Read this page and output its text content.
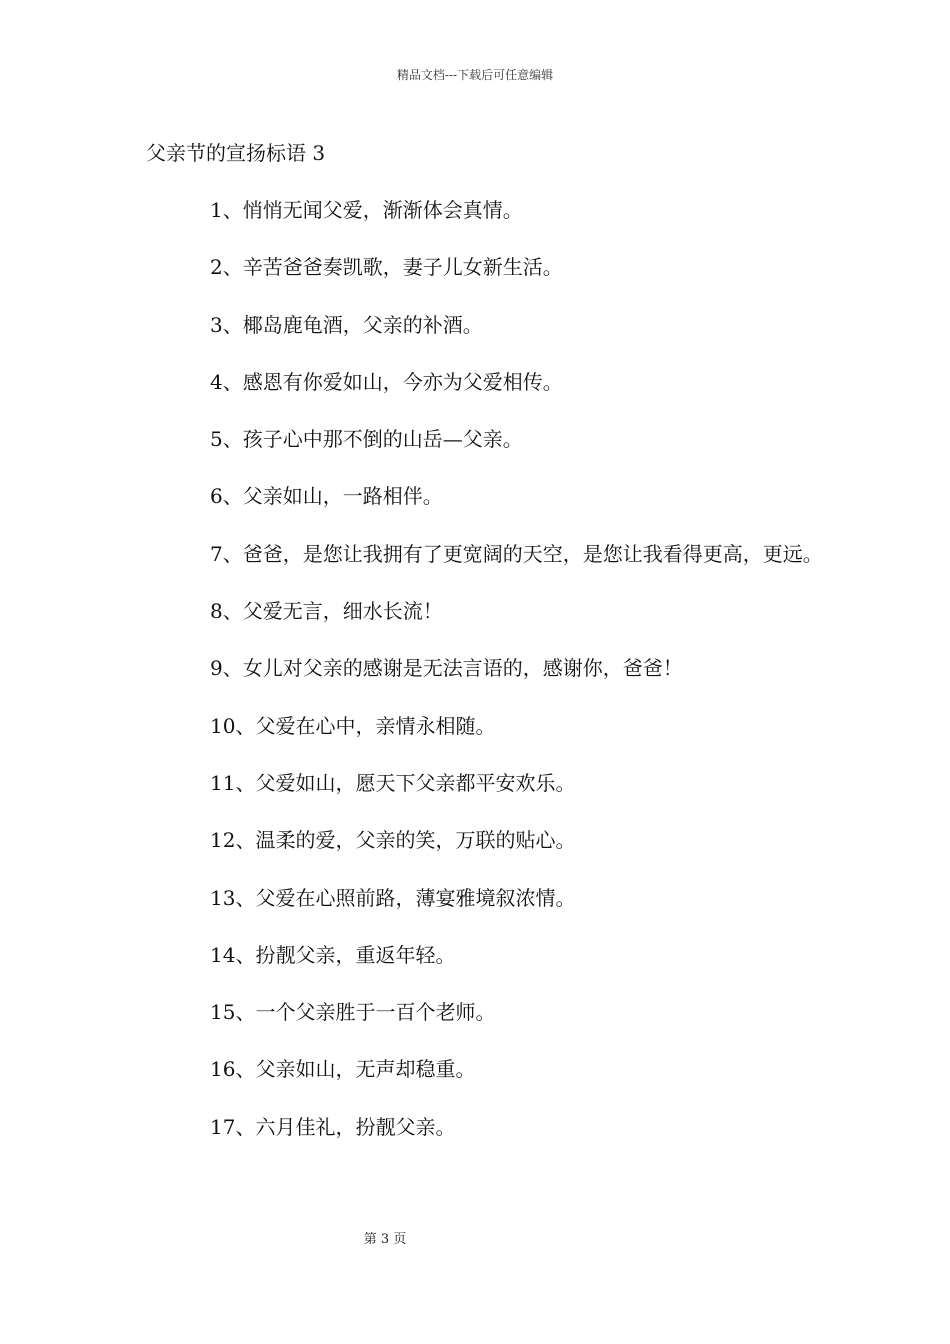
精品文档---下载后可任意编辑
父亲节的宣扬标语 3
1、悄悄无闻父爱，渐渐体会真情。
2、辛苦爸爸奏凯歌，妻子儿女新生活。
3、椰岛鹿龟酒，父亲的补酒。
4、感恩有你爱如山，今亦为父爱相传。
5、孩子心中那不倒的山岳—父亲。
6、父亲如山，一路相伴。
7、爸爸，是您让我拥有了更宽阔的天空，是您让我看得更高，更远。
8、父爱无言，细水长流！
9、女儿对父亲的感谢是无法言语的，感谢你，爸爸！
10、父爱在心中，亲情永相随。
11、父爱如山，愿天下父亲都平安欢乐。
12、温柔的爱，父亲的笑，万联的贴心。
13、父爱在心照前路，薄宴雅境叙浓情。
14、扮靓父亲，重返年轻。
15、一个父亲胜于一百个老师。
16、父亲如山，无声却稳重。
17、六月佳礼，扮靓父亲。
第 3 页
